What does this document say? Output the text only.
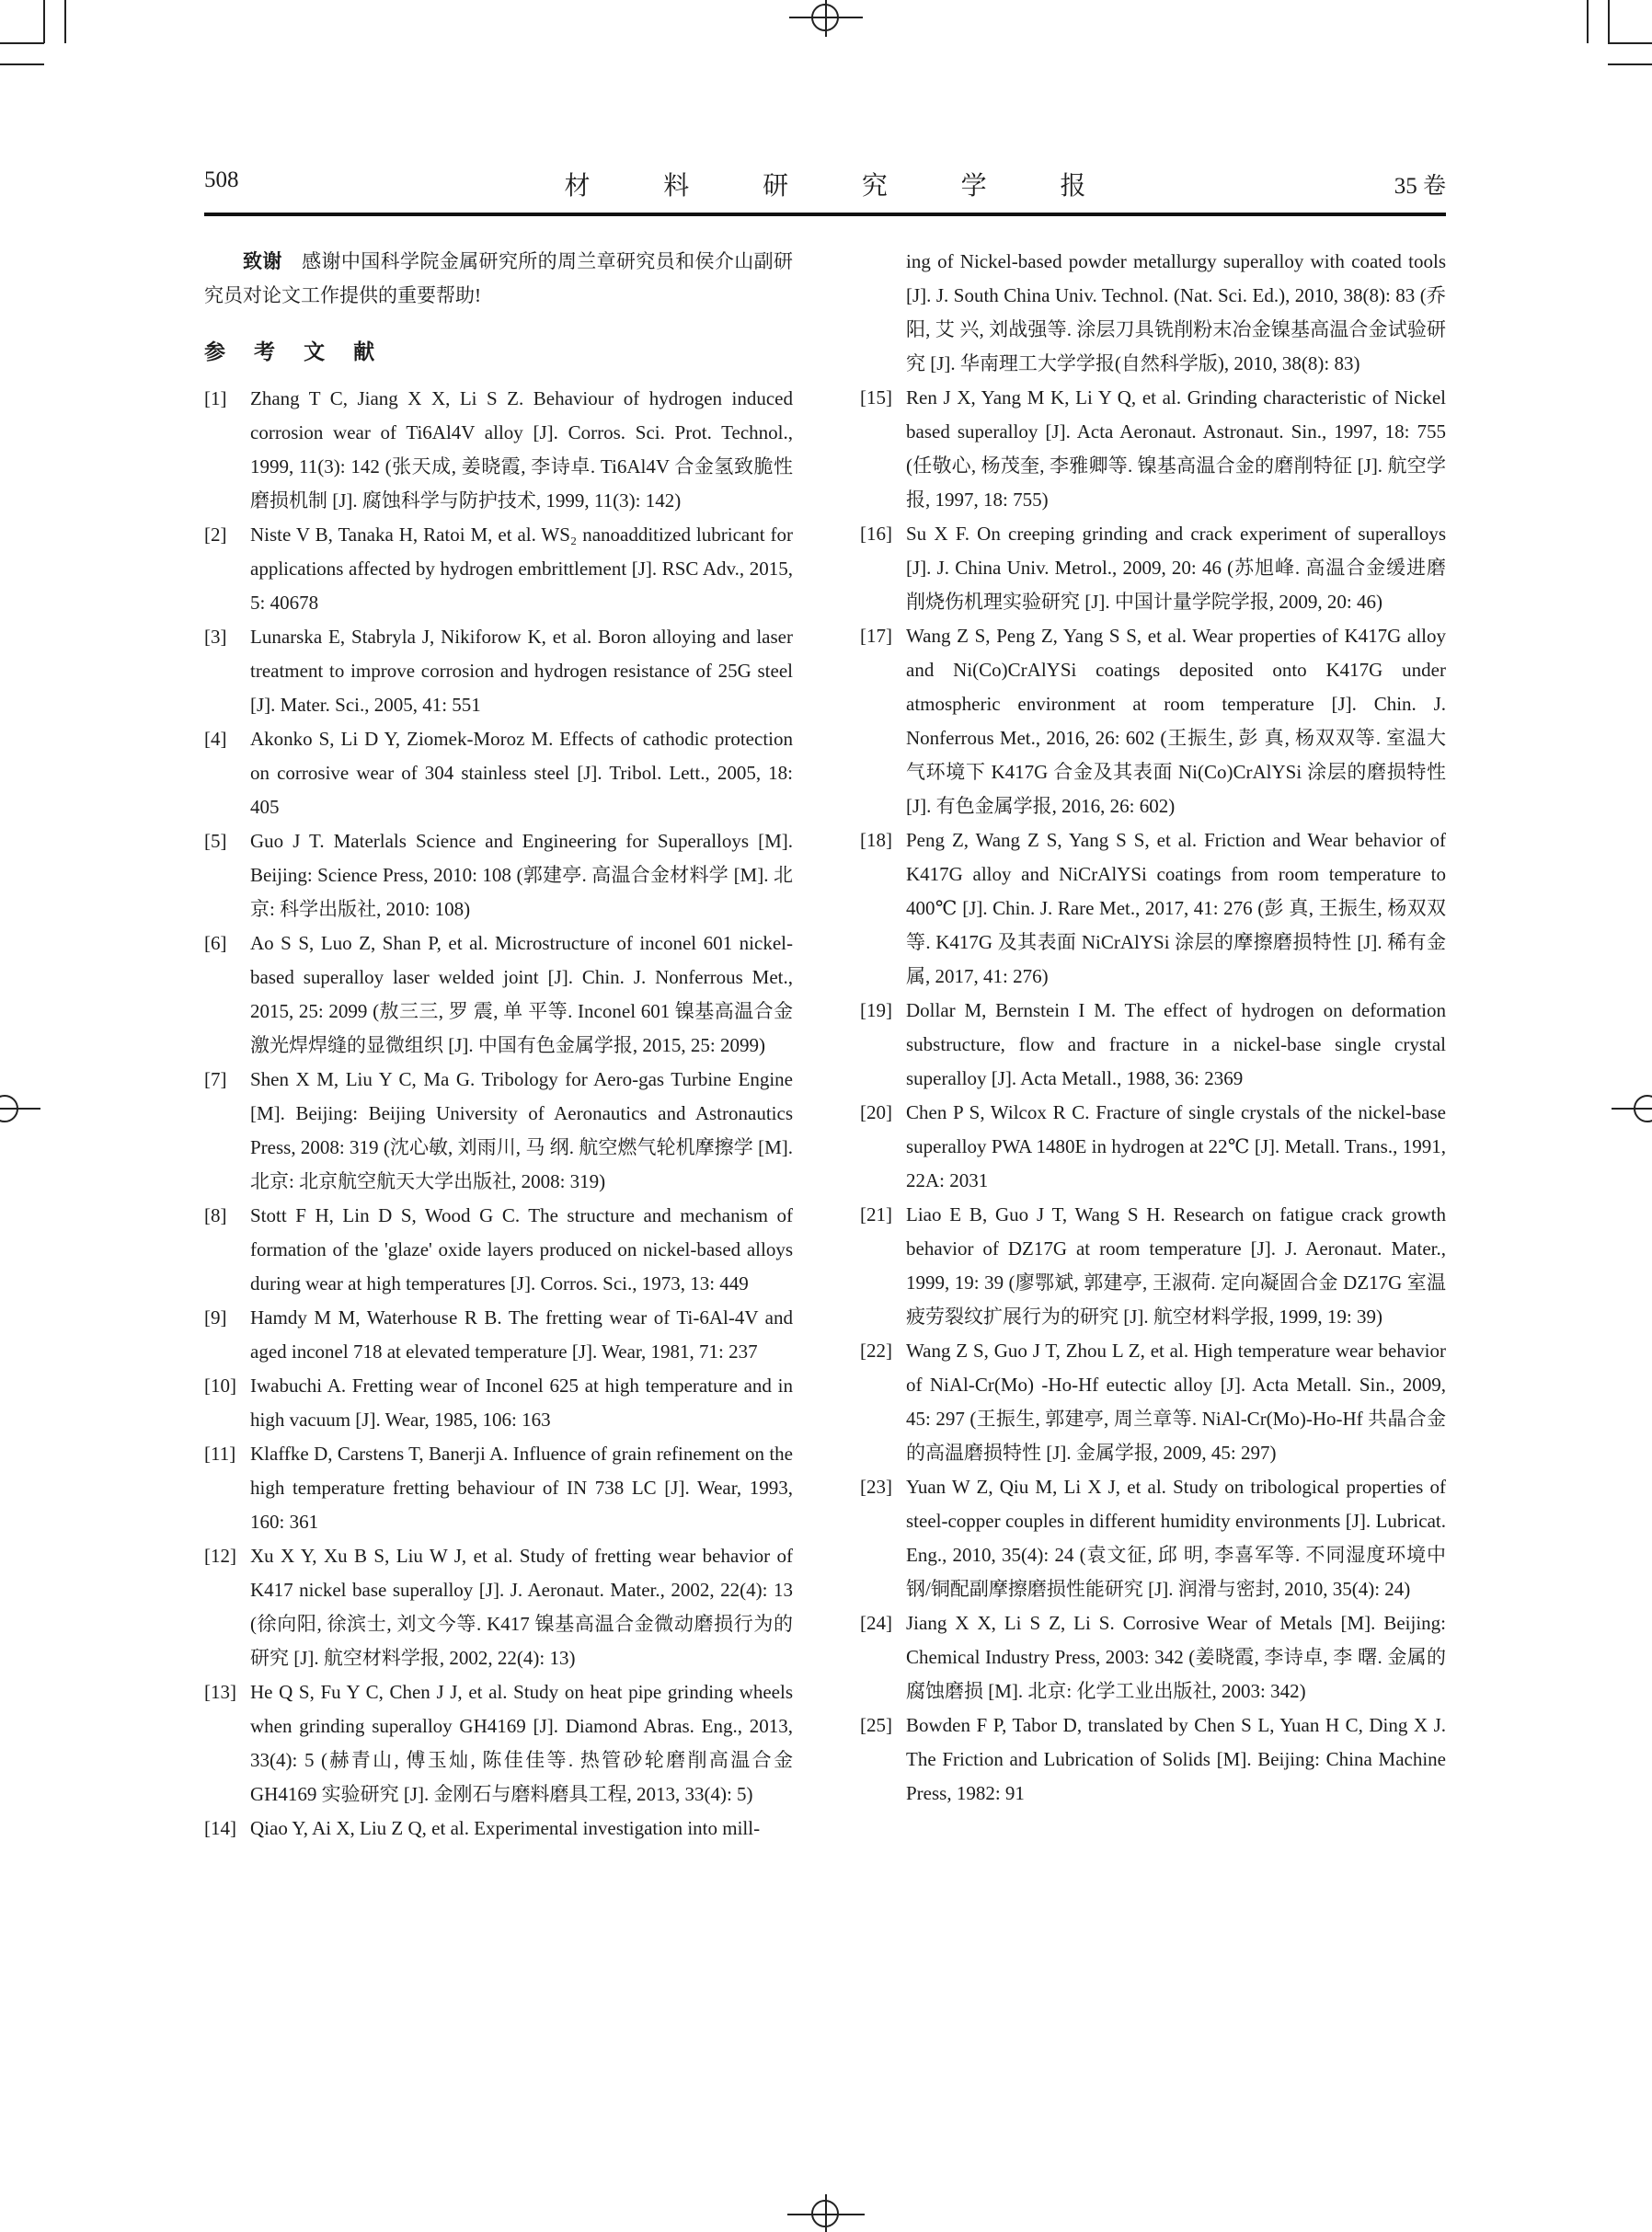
508	材 料 研 究 学 报	35 卷

致谢　 感谢中国科学院金属研究所的周兰章研究员和侯介山副研究员对论文工作提供的重要帮助!

参 考 文 献
[1] Zhang T C, Jiang X X, Li S Z. Behaviour of hydrogen induced corrosion wear of Ti6Al4V alloy [J]. Corros. Sci. Prot. Technol., 1999, 11(3): 142 (张天成, 姜晓霞, 李诗卓. Ti6Al4V 合金氢致脆性磨损机制 [J]. 腐蚀科学与防护技术, 1999, 11(3): 142)
[2] Niste V B, Tanaka H, Ratoi M, et al. WS₂ nanoadditized lubricant for applications affected by hydrogen embrittlement [J]. RSC Adv., 2015, 5: 40678
[3] Lunarska E, Stabryla J, Nikiforow K, et al. Boron alloying and laser treatment to improve corrosion and hydrogen resistance of 25G steel [J]. Mater. Sci., 2005, 41: 551
[4] Akonko S, Li D Y, Ziomek-Moroz M. Effects of cathodic protection on corrosive wear of 304 stainless steel [J]. Tribol. Lett., 2005, 18: 405
[5] Guo J T. Materlals Science and Engineering for Superalloys [M]. Beijing: Science Press, 2010: 108 (郭建亭. 高温合金材料学 [M]. 北京: 科学出版社, 2010: 108)
[6] Ao S S, Luo Z, Shan P, et al. Microstructure of inconel 601 nickel-based superalloy laser welded joint [J]. Chin. J. Nonferrous Met., 2015, 25: 2099 (敖三三, 罗 震, 单 平等. Inconel 601 镍基高温合金激光焊焊缝的显微组织 [J]. 中国有色金属学报, 2015, 25: 2099)
[7] Shen X M, Liu Y C, Ma G. Tribology for Aero-gas Turbine Engine [M]. Beijing: Beijing University of Aeronautics and Astronautics Press, 2008: 319 (沈心敏, 刘雨川, 马 纲. 航空燃气轮机摩擦学 [M]. 北京: 北京航空航天大学出版社, 2008: 319)
[8] Stott F H, Lin D S, Wood G C. The structure and mechanism of formation of the 'glaze' oxide layers produced on nickel-based alloys during wear at high temperatures [J]. Corros. Sci., 1973, 13: 449
[9] Hamdy M M, Waterhouse R B. The fretting wear of Ti-6Al-4V and aged inconel 718 at elevated temperature [J]. Wear, 1981, 71: 237
[10] Iwabuchi A. Fretting wear of Inconel 625 at high temperature and in high vacuum [J]. Wear, 1985, 106: 163
[11] Klaffke D, Carstens T, Banerji A. Influence of grain refinement on the high temperature fretting behaviour of IN 738 LC [J]. Wear, 1993, 160: 361
[12] Xu X Y, Xu B S, Liu W J, et al. Study of fretting wear behavior of K417 nickel base superalloy [J]. J. Aeronaut. Mater., 2002, 22(4): 13 (徐向阳, 徐滨士, 刘文今等. K417 镍基高温合金微动磨损行为的研究 [J]. 航空材料学报, 2002, 22(4): 13)
[13] He Q S, Fu Y C, Chen J J, et al. Study on heat pipe grinding wheels when grinding superalloy GH4169 [J]. Diamond Abras. Eng., 2013, 33(4): 5 (赫青山, 傅玉灿, 陈佳佳等. 热管砂轮磨削高温合金 GH4169 实验研究 [J]. 金刚石与磨料磨具工程, 2013, 33(4): 5)
[14] Qiao Y, Ai X, Liu Z Q, et al. Experimental investigation into mill-
ing of Nickel-based powder metallurgy superalloy with coated tools [J]. J. South China Univ. Technol. (Nat. Sci. Ed.), 2010, 38(8): 83 (乔 阳, 艾 兴, 刘战强等. 涂层刀具铣削粉末冶金镍基高温合金试验研究 [J]. 华南理工大学学报(自然科学版), 2010, 38(8): 83)
[15] Ren J X, Yang M K, Li Y Q, et al. Grinding characteristic of Nickel based superalloy [J]. Acta Aeronaut. Astronaut. Sin., 1997, 18: 755 (任敬心, 杨茂奎, 李雅卿等. 镍基高温合金的磨削特征 [J]. 航空学报, 1997, 18: 755)
[16] Su X F. On creeping grinding and crack experiment of superalloys [J]. J. China Univ. Metrol., 2009, 20: 46 (苏旭峰. 高温合金缓进磨削烧伤机理实验研究 [J]. 中国计量学院学报, 2009, 20: 46)
[17] Wang Z S, Peng Z, Yang S S, et al. Wear properties of K417G alloy and Ni(Co)CrAlYSi coatings deposited onto K417G under atmospheric environment at room temperature [J]. Chin. J. Nonferrous Met., 2016, 26: 602 (王振生, 彭 真, 杨双双等. 室温大气环境下 K417G 合金及其表面 Ni(Co)CrAlYSi 涂层的磨损特性 [J]. 有色金属学报, 2016, 26: 602)
[18] Peng Z, Wang Z S, Yang S S, et al. Friction and Wear behavior of K417G alloy and NiCrAlYSi coatings from room temperature to 400℃ [J]. Chin. J. Rare Met., 2017, 41: 276 (彭 真, 王振生, 杨双双等. K417G 及其表面 NiCrAlYSi 涂层的摩擦磨损特性 [J]. 稀有金属, 2017, 41: 276)
[19] Dollar M, Bernstein I M. The effect of hydrogen on deformation substructure, flow and fracture in a nickel-base single crystal superalloy [J]. Acta Metall., 1988, 36: 2369
[20] Chen P S, Wilcox R C. Fracture of single crystals of the nickel-base superalloy PWA 1480E in hydrogen at 22℃ [J]. Metall. Trans., 1991, 22A: 2031
[21] Liao E B, Guo J T, Wang S H. Research on fatigue crack growth behavior of DZ17G at room temperature [J]. J. Aeronaut. Mater., 1999, 19: 39 (廖鄂斌, 郭建亭, 王淑荷. 定向凝固合金 DZ17G 室温疲劳裂纹扩展行为的研究 [J]. 航空材料学报, 1999, 19: 39)
[22] Wang Z S, Guo J T, Zhou L Z, et al. High temperature wear behavior of NiAl-Cr(Mo) -Ho-Hf eutectic alloy [J]. Acta Metall. Sin., 2009, 45: 297 (王振生, 郭建亭, 周兰章等. NiAl-Cr(Mo)-Ho-Hf 共晶合金的高温磨损特性 [J]. 金属学报, 2009, 45: 297)
[23] Yuan W Z, Qiu M, Li X J, et al. Study on tribological properties of steel-copper couples in different humidity environments [J]. Lubricat. Eng., 2010, 35(4): 24 (袁文征, 邱 明, 李喜军等. 不同湿度环境中钢/铜配副摩擦磨损性能研究 [J]. 润滑与密封, 2010, 35(4): 24)
[24] Jiang X X, Li S Z, Li S. Corrosive Wear of Metals [M]. Beijing: Chemical Industry Press, 2003: 342 (姜晓霞, 李诗卓, 李 曙. 金属的腐蚀磨损 [M]. 北京: 化学工业出版社, 2003: 342)
[25] Bowden F P, Tabor D, translated by Chen S L, Yuan H C, Ding X J. The Friction and Lubrication of Solids [M]. Beijing: China Machine Press, 1982: 91
